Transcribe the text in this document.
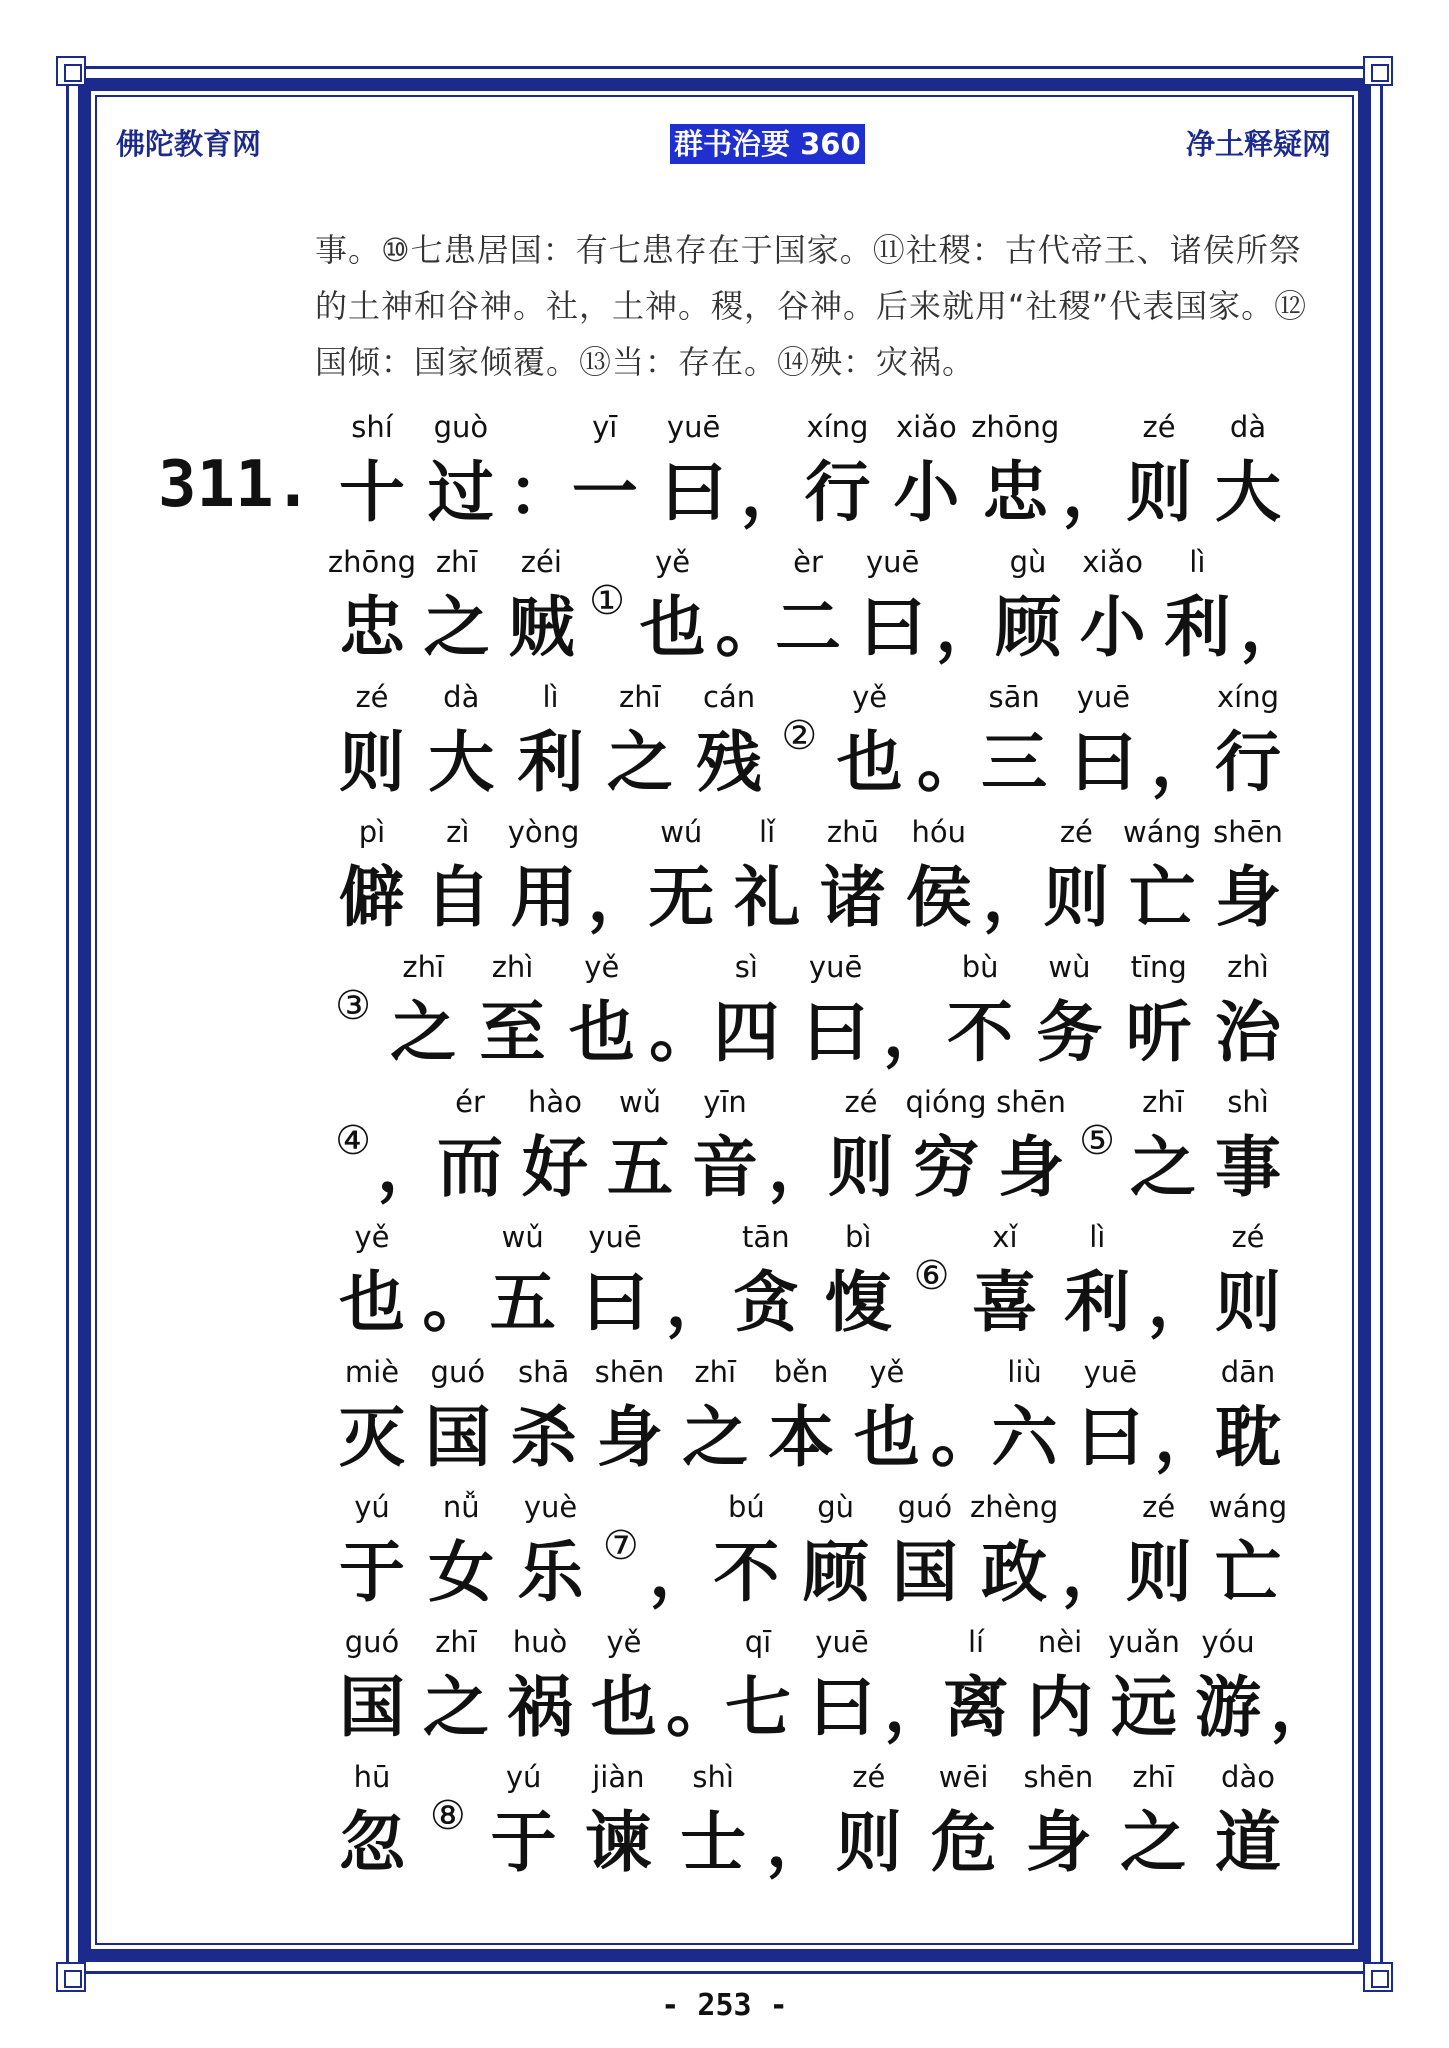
佛陀教育网	群书治要 360	净土释疑网
事。⑩七患居国：有七患存在于国家。⑪社稷：古代帝王、诸侯所祭的土神和谷神。社，土神。稷，谷神。后来就用“社稷”代表国家。⑫国倾：国家倾覆。⑬当：存在。⑭殃：灾祸。
311.
shí
十
guò
过 ：
yī
一
yuē
曰 ，
xíng
行
xiǎo
小
zhōng
忠 ，
zé
则
dà
大
zhōng
忠
zhī
之
zéi
贼 ①
yě
也 。
èr
二
yuē
曰 ，
gù
顾
xiǎo
小
lì
利 ，
zé
则
dà
大
lì
利
zhī
之
cán
残 ②
yě
也 。
sān
三
yuē
曰 ，
xíng
行
pì
僻
zì
自
yòng
用 ，
wú
无
lǐ
礼
zhū
诸
hóu
侯 ，
zé
则
wáng
亡
shēn
身
③
zhī
之
zhì
至
yě
也 。
sì
四
yuē
曰 ，
bù
不
wù
务
tīng
听
zhì
治
④ ，
ér
而
hào
好
wǔ
五
yīn
音 ，
zé
则
qióng
穷
shēn
身 ⑤
zhī
之
shì
事
yě
也 。
wǔ
五
yuē
曰 ，
tān
贪
bì
愎 ⑥
xǐ
喜
lì
利 ，
zé
则
miè
灭
guó
国
shā
杀
shēn
身
zhī
之
běn
本
yě
也 。
liù
六
yuē
曰 ，
dān
耽
yú
于
nǚ
女
yuè
乐 ⑦ ，
bú
不
gù
顾
guó
国
zhèng
政 ，
zé
则
wáng
亡
guó
国
zhī
之
huò
祸
yě
也 。
qī
七
yuē
曰 ，
lí
离
nèi
内
yuǎn
远
yóu
游 ，
hū
忽 ⑧
yú
于
jiàn
谏
shì
士 ，
zé
则
wēi
危
shēn
身
zhī
之
dào
道
- 253 -
